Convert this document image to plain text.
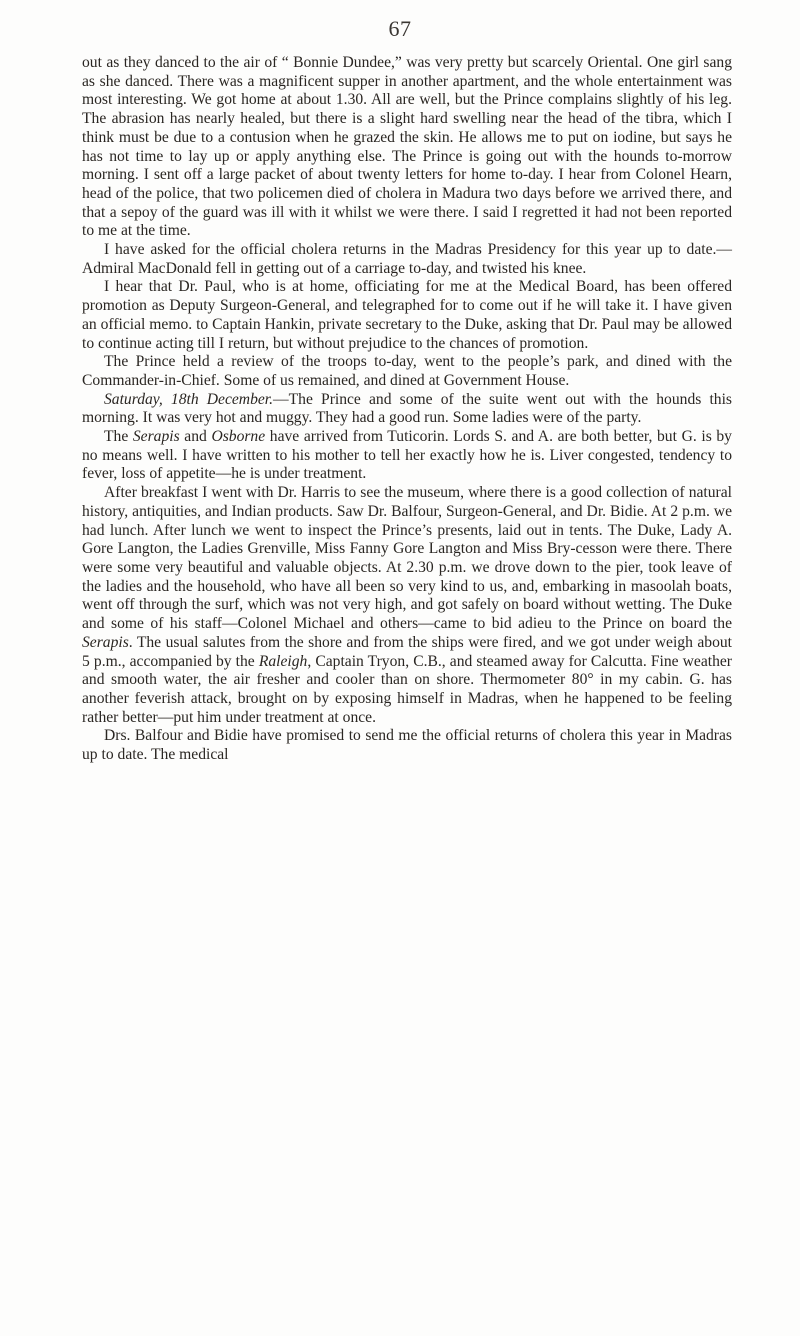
67

out as they danced to the air of “ Bonnie Dundee,” was very pretty but scarcely Oriental. One girl sang as she danced. There was a magnificent supper in another apartment, and the whole entertainment was most interesting. We got home at about 1.30. All are well, but the Prince complains slightly of his leg. The abrasion has nearly healed, but there is a slight hard swelling near the head of the tibra, which I think must be due to a contusion when he grazed the skin. He allows me to put on iodine, but says he has not time to lay up or apply anything else. The Prince is going out with the hounds to-morrow morning. I sent off a large packet of about twenty letters for home to-day. I hear from Colonel Hearn, head of the police, that two policemen died of cholera in Madura two days before we arrived there, and that a sepoy of the guard was ill with it whilst we were there. I said I regretted it had not been reported to me at the time.

I have asked for the official cholera returns in the Madras Presidency for this year up to date.—Admiral MacDonald fell in getting out of a carriage to-day, and twisted his knee.

I hear that Dr. Paul, who is at home, officiating for me at the Medical Board, has been offered promotion as Deputy Surgeon-General, and telegraphed for to come out if he will take it. I have given an official memo. to Captain Hankin, private secretary to the Duke, asking that Dr. Paul may be allowed to continue acting till I return, but without prejudice to the chances of promotion.

The Prince held a review of the troops to-day, went to the people’s park, and dined with the Commander-in-Chief. Some of us remained, and dined at Government House.

Saturday, 18th December.—The Prince and some of the suite went out with the hounds this morning. It was very hot and muggy. They had a good run. Some ladies were of the party.

The Serapis and Osborne have arrived from Tuticorin. Lords S. and A. are both better, but G. is by no means well. I have written to his mother to tell her exactly how he is. Liver congested, tendency to fever, loss of appetite—he is under treatment.

After breakfast I went with Dr. Harris to see the museum, where there is a good collection of natural history, antiquities, and Indian products. Saw Dr. Balfour, Surgeon-General, and Dr. Bidie. At 2 p.m. we had lunch. After lunch we went to inspect the Prince’s presents, laid out in tents. The Duke, Lady A. Gore Langton, the Ladies Grenville, Miss Fanny Gore Langton and Miss Bry-cesson were there. There were some very beautiful and valuable objects. At 2.30 p.m. we drove down to the pier, took leave of the ladies and the household, who have all been so very kind to us, and, embarking in masoolah boats, went off through the surf, which was not very high, and got safely on board without wetting. The Duke and some of his staff—Colonel Michael and others—came to bid adieu to the Prince on board the Serapis. The usual salutes from the shore and from the ships were fired, and we got under weigh about 5 p.m., accompanied by the Raleigh, Captain Tryon, C.B., and steamed away for Calcutta. Fine weather and smooth water, the air fresher and cooler than on shore. Thermometer 80° in my cabin. G. has another feverish attack, brought on by exposing himself in Madras, when he happened to be feeling rather better—put him under treatment at once.

Drs. Balfour and Bidie have promised to send me the official returns of cholera this year in Madras up to date. The medical
